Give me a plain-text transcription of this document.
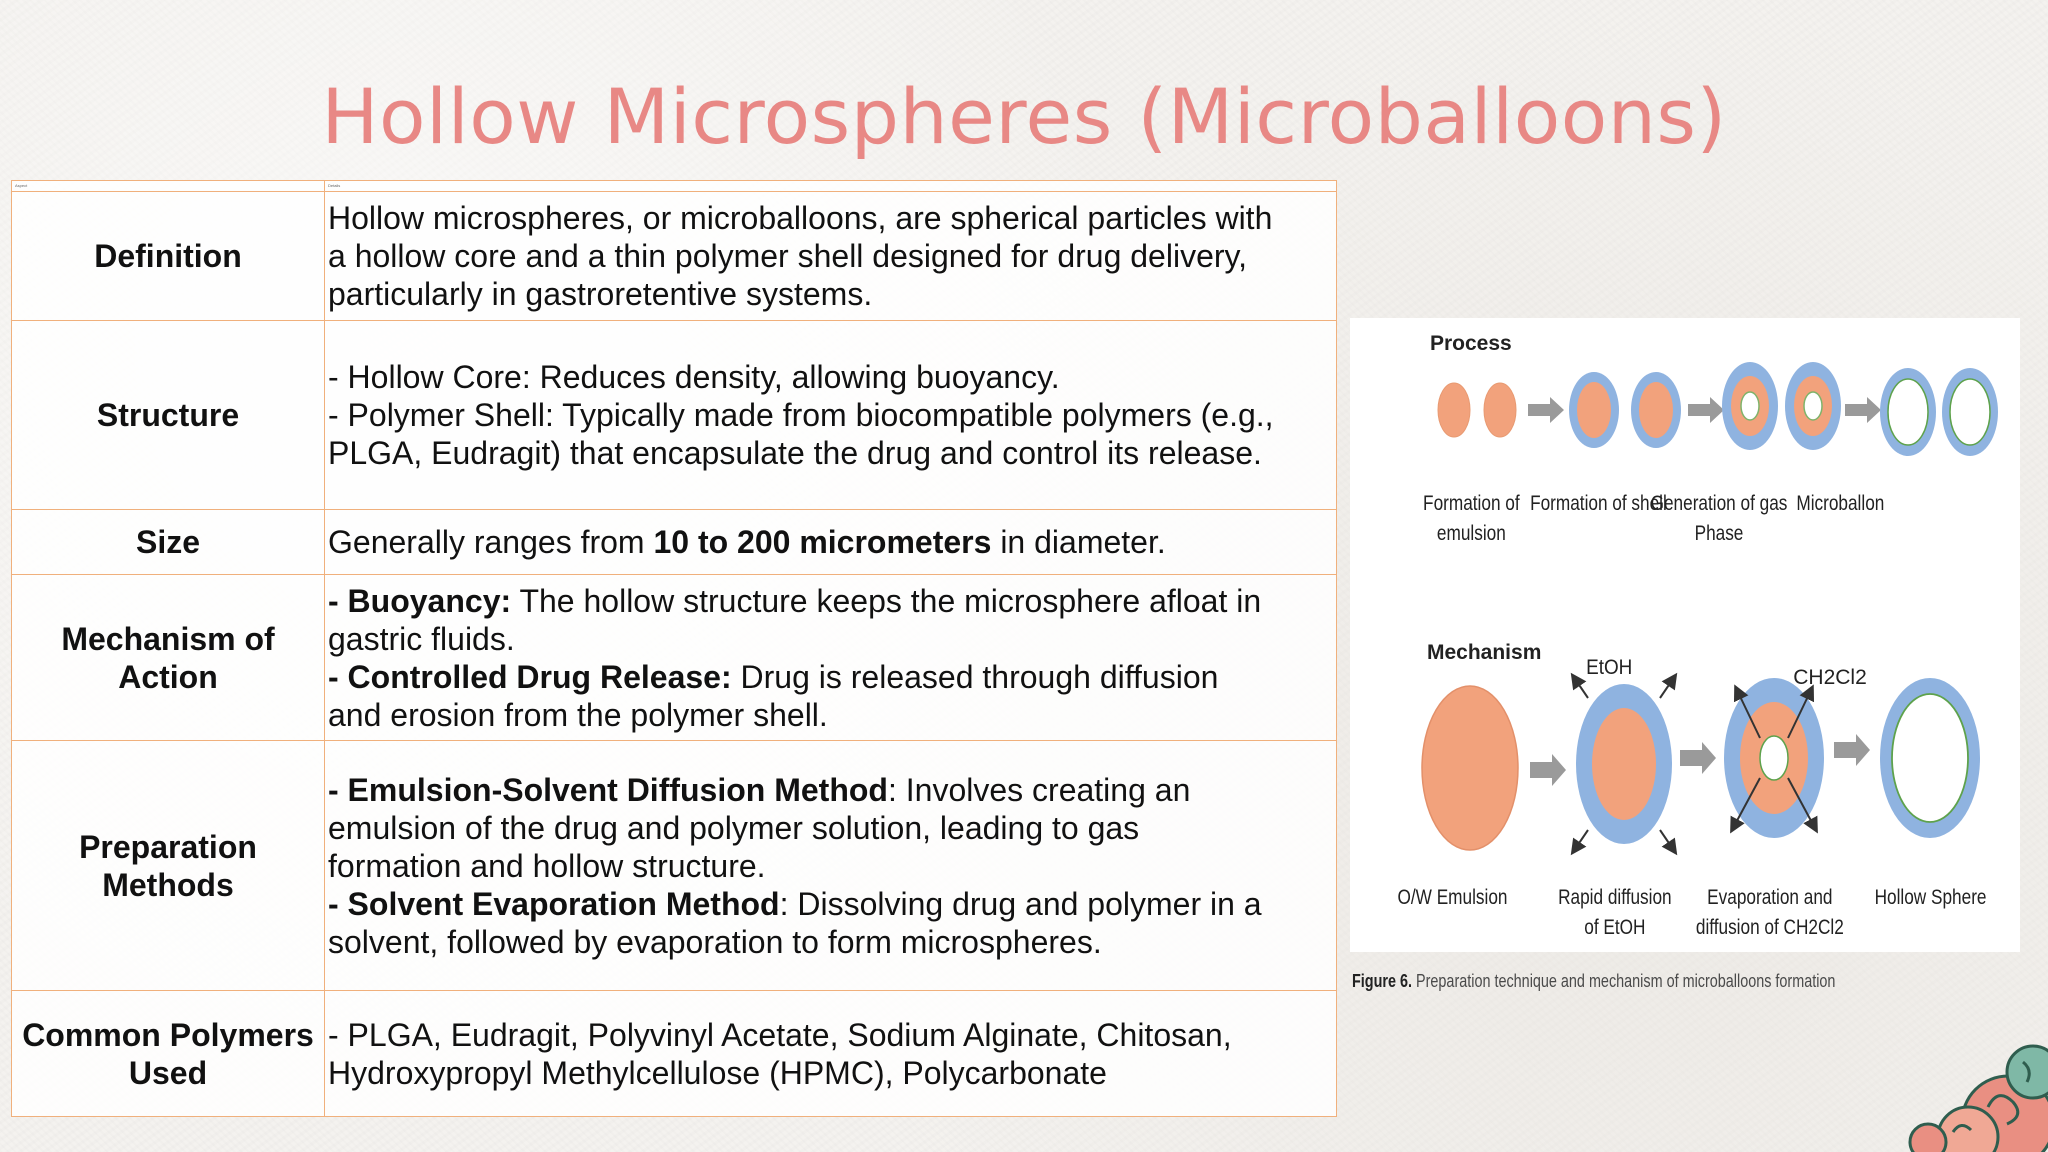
Hollow Microspheres (Microballoons)
Aspect	Details
Definition	Hollow microspheres, or microballoons, are spherical particles with
a hollow core and a thin polymer shell designed for drug delivery,
particularly in gastroretentive systems.

Structure	- Hollow Core: Reduces density, allowing buoyancy.
- Polymer Shell: Typically made from biocompatible polymers (e.g.,
PLGA, Eudragit) that encapsulate the drug and control its release.

Size	Generally ranges from 10 to 200 micrometers in diameter.
Mechanism of Action	- Buoyancy: The hollow structure keeps the microsphere afloat in
gastric fluids.
- Controlled Drug Release: Drug is released through diffusion
and erosion from the polymer shell.

Preparation Methods	- Emulsion-Solvent Diffusion Method: Involves creating an
emulsion of the drug and polymer solution, leading to gas
formation and hollow structure.
- Solvent Evaporation Method: Dissolving drug and polymer in a
solvent, followed by evaporation to form microspheres.

Common Polymers Used	- PLGA, Eudragit, Polyvinyl Acetate, Sodium Alginate, Chitosan,
Hydroxypropyl Methylcellulose (HPMC), Polycarbonate
Process
Formation of
emulsion
Formation of shell
Generation of gas
Phase
Microballon
Mechanism
EtOH	CH2Cl2
O/W Emulsion Rapid diffusion
of EtOH
Evaporation and
diffusion of CH2Cl2
Hollow Sphere
Figure 6. Preparation technique and mechanism of microballoons formation
